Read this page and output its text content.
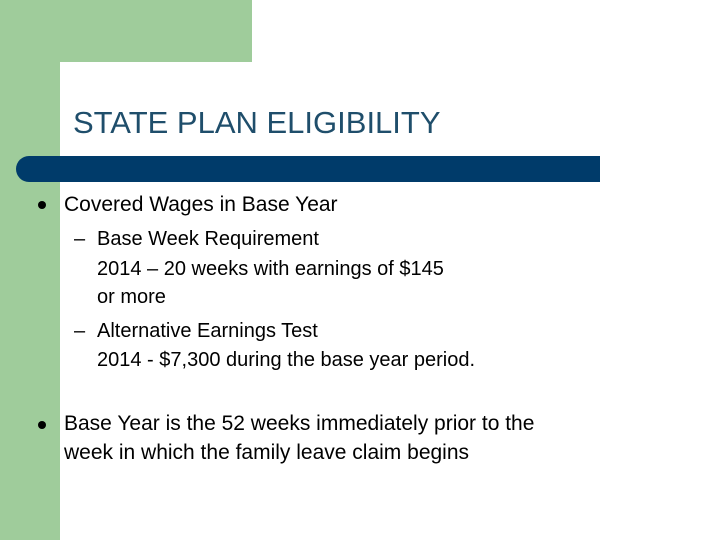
STATE PLAN ELIGIBILITY
Covered Wages in Base Year
– Base Week Requirement
2014 – 20 weeks with earnings of $145
or more
– Alternative Earnings Test
2014 - $7,300 during the base year period.
Base Year is the 52 weeks immediately prior to the
week in which the family leave claim begins
